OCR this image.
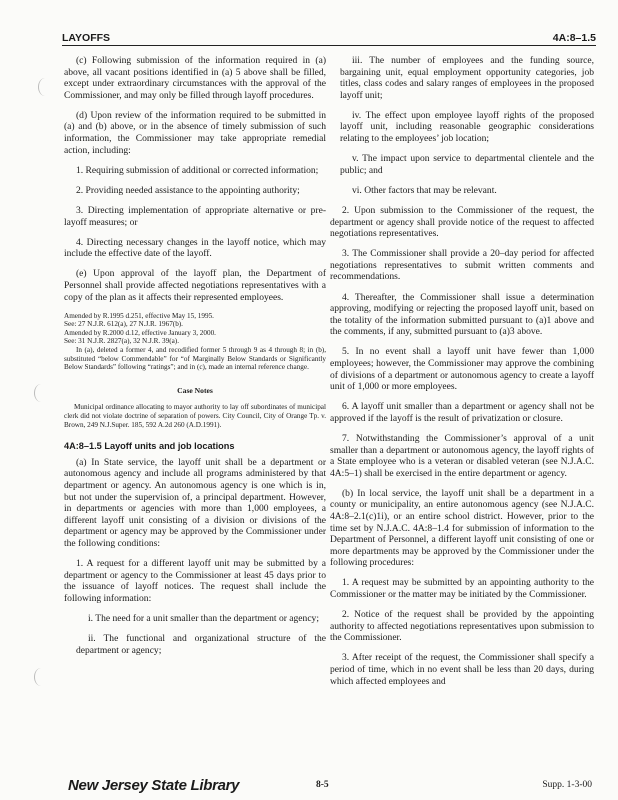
LAYOFFS	4A:8–1.5

(c) Following submission of the information required in (a) above, all vacant positions identified in (a) 5 above shall be filled, except under extraordinary circumstances with the approval of the Commissioner, and may only be filled through layoff procedures.

(d) Upon review of the information required to be submitted in (a) and (b) above, or in the absence of timely submission of such information, the Commissioner may take appropriate remedial action, including:

1. Requiring submission of additional or corrected information;

2. Providing needed assistance to the appointing authority;

3. Directing implementation of appropriate alternative or pre-layoff measures; or

4. Directing necessary changes in the layoff notice, which may include the effective date of the layoff.

(e) Upon approval of the layoff plan, the Department of Personnel shall provide affected negotiations representatives with a copy of the plan as it affects their represented employees.

Amended by R.1995 d.251, effective May 15, 1995.

See: 27 N.J.R. 612(a), 27 N.J.R. 1967(b).

Amended by R.2000 d.12, effective January 3, 2000.

See: 31 N.J.R. 2827(a), 32 N.J.R. 39(a).

In (a), deleted a former 4, and recodified former 5 through 9 as 4 through 8; in (b), substituted “below Commendable” for “of Marginally Below Standards or Significantly Below Standards” following “ratings”; and in (c), made an internal reference change.

Case Notes

Municipal ordinance allocating to mayor authority to lay off subordinates of municipal clerk did not violate doctrine of separation of powers. City Council, City of Orange Tp. v. Brown, 249 N.J.Super. 185, 592 A.2d 260 (A.D.1991).

4A:8–1.5 Layoff units and job locations

(a) In State service, the layoff unit shall be a department or autonomous agency and include all programs administered by that department or agency. An autonomous agency is one which is in, but not under the supervision of, a principal department. However, in departments or agencies with more than 1,000 employees, a different layoff unit consisting of a division or divisions of the department or agency may be approved by the Commissioner under the following conditions:

1. A request for a different layoff unit may be submitted by a department or agency to the Commissioner at least 45 days prior to the issuance of layoff notices. The request shall include the following information:

i. The need for a unit smaller than the department or agency;

ii. The functional and organizational structure of the department or agency;

iii. The number of employees and the funding source, bargaining unit, equal employment opportunity categories, job titles, class codes and salary ranges of employees in the proposed layoff unit;

iv. The effect upon employee layoff rights of the proposed layoff unit, including reasonable geographic considerations relating to the employees’ job location;

v. The impact upon service to departmental clientele and the public; and

vi. Other factors that may be relevant.

2. Upon submission to the Commissioner of the request, the department or agency shall provide notice of the request to affected negotiations representatives.

3. The Commissioner shall provide a 20–day period for affected negotiations representatives to submit written comments and recommendations.

4. Thereafter, the Commissioner shall issue a determination approving, modifying or rejecting the proposed layoff unit, based on the totality of the information submitted pursuant to (a)1 above and the comments, if any, submitted pursuant to (a)3 above.

5. In no event shall a layoff unit have fewer than 1,000 employees; however, the Commissioner may approve the combining of divisions of a department or autonomous agency to create a layoff unit of 1,000 or more employees.

6. A layoff unit smaller than a department or agency shall not be approved if the layoff is the result of privatization or closure.

7. Notwithstanding the Commissioner’s approval of a unit smaller than a department or autonomous agency, the layoff rights of a State employee who is a veteran or disabled veteran (see N.J.A.C. 4A:5–1) shall be exercised in the entire department or agency.

(b) In local service, the layoff unit shall be a department in a county or municipality, an entire autonomous agency (see N.J.A.C. 4A:8–2.1(c)1i), or an entire school district. However, prior to the time set by N.J.A.C. 4A:8–1.4 for submission of information to the Department of Personnel, a different layoff unit consisting of one or more departments may be approved by the Commissioner under the following procedures:

1. A request may be submitted by an appointing authority to the Commissioner or the matter may be initiated by the Commissioner.

2. Notice of the request shall be provided by the appointing authority to affected negotiations representatives upon submission to the Commissioner.

3. After receipt of the request, the Commissioner shall specify a period of time, which in no event shall be less than 20 days, during which affected employees and

New Jersey State Library	8-5	Supp. 1-3-00
